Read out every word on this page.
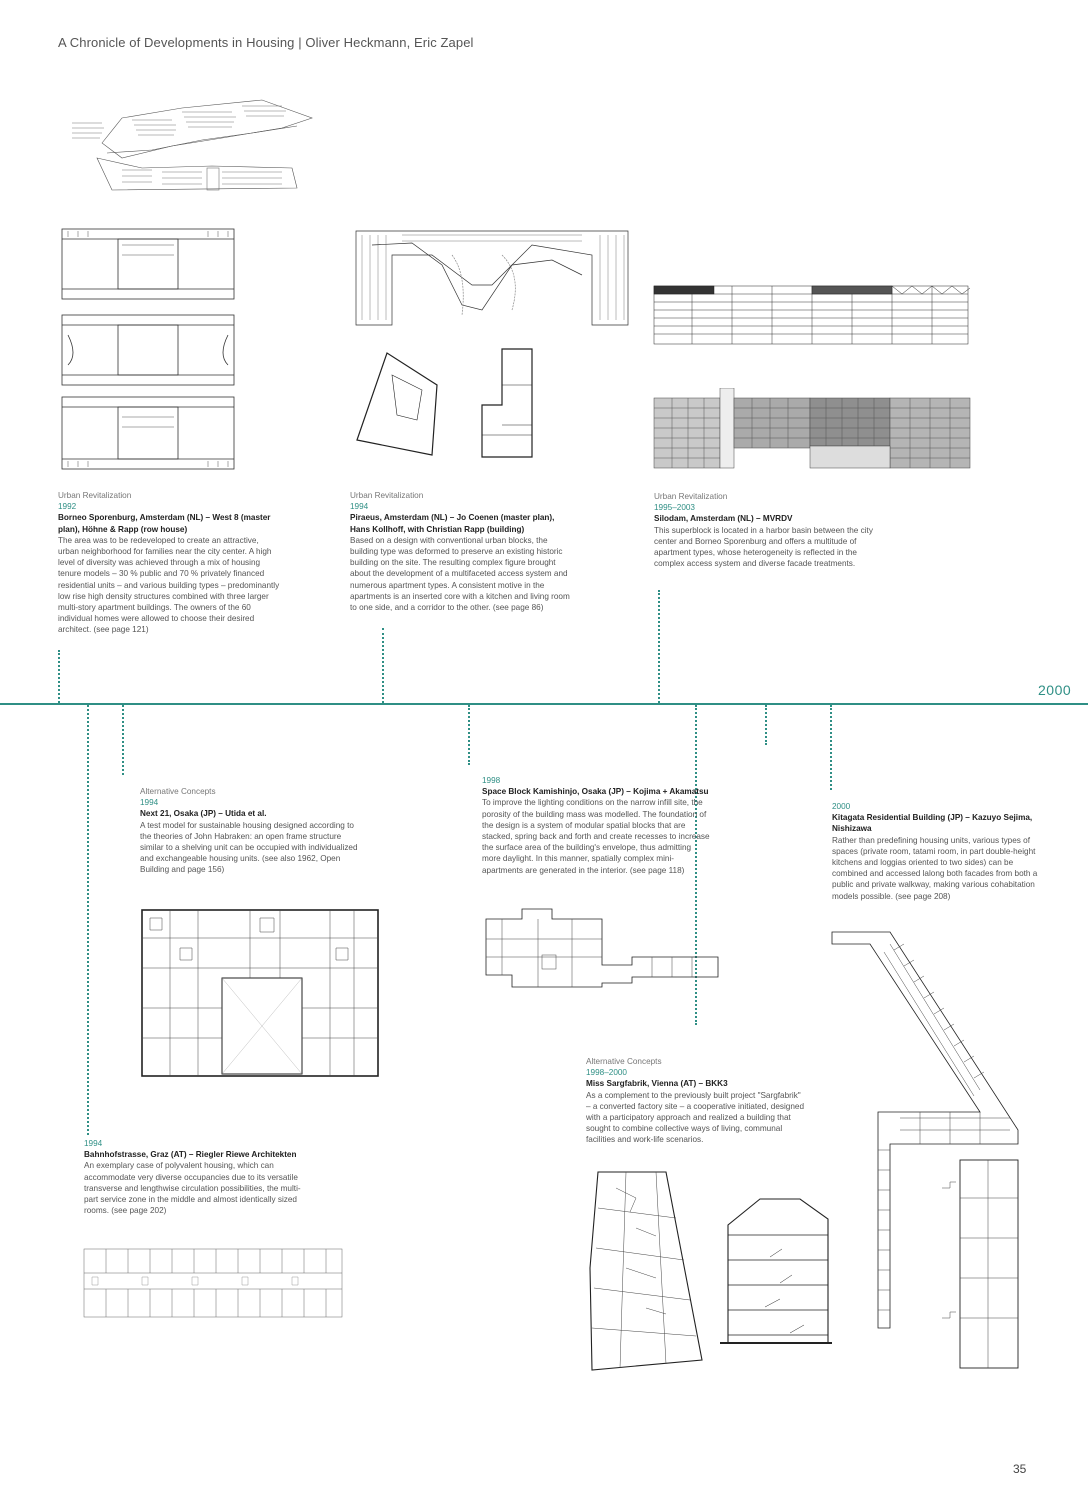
A Chronicle of Developments in Housing | Oliver Heckmann, Eric Zapel
2000
Urban Revitalization
1992
Borneo Sporenburg, Amsterdam (NL) – West 8 (master plan), Höhne & Rapp (row house)
The area was to be redeveloped to create an attractive, urban neighborhood for families near the city center. A high level of diversity was achieved through a mix of housing tenure models – 30 % public and 70 % privately financed residential units – and various building types – predominantly low rise high density structures combined with three larger multi-story apartment buildings. The owners of the 60 individual homes were allowed to choose their desired architect. (see page 121)
Urban Revitalization
1994
Piraeus, Amsterdam (NL) – Jo Coenen (master plan), Hans Kollhoff, with Christian Rapp (building)
Based on a design with conventional urban blocks, the building type was deformed to preserve an existing historic building on the site. The resulting complex figure brought about the development of a multifaceted access system and numerous apartment types. A consistent motive in the apartments is an inserted core with a kitchen and living room to one side, and a corridor to the other. (see page 86)
Urban Revitalization
1995–2003
Silodam, Amsterdam (NL) – MVRDV
This superblock is located in a harbor basin between the city center and Borneo Sporenburg and offers a multitude of apartment types, whose heterogeneity is reflected in the complex access system and diverse facade treatments.
Alternative Concepts
1994
Next 21, Osaka (JP) – Utida et al.
A test model for sustainable housing designed according to the theories of John Habraken: an open frame structure similar to a shelving unit can be occupied with individualized and exchangeable housing units. (see also 1962, Open Building and page 156)
1998
Space Block Kamishinjo, Osaka (JP) – Kojima + Akamatsu
To improve the lighting conditions on the narrow infill site, the porosity of the building mass was modelled. The foundation of the design is a system of modular spatial blocks that are stacked, spring back and forth and create recesses to increase the surface area of the building's envelope, thus admitting more daylight. In this manner, spatially complex mini-apartments are generated in the interior. (see page 118)
2000
Kitagata Residential Building (JP) – Kazuyo Sejima, Nishizawa
Rather than predefining housing units, various types of spaces (private room, tatami room, in part double-height kitchens and loggias oriented to two sides) can be combined and accessed lalong both facades from both a public and private walkway, making various cohabitation models possible. (see page 208)
Alternative Concepts
1998–2000
Miss Sargfabrik, Vienna (AT) – BKK3
As a complement to the previously built project "Sargfabrik" – a converted factory site – a cooperative initiated, designed with a participatory approach and realized a building that sought to combine collective ways of living, communal facilities and work-life scenarios.
1994
Bahnhofstrasse, Graz (AT) – Riegler Riewe Architekten
An exemplary case of polyvalent housing, which can accommodate very diverse occupancies due to its versatile transverse and lengthwise circulation possibilities, the multi-part service zone in the middle and almost identically sized rooms. (see page 202)
35
